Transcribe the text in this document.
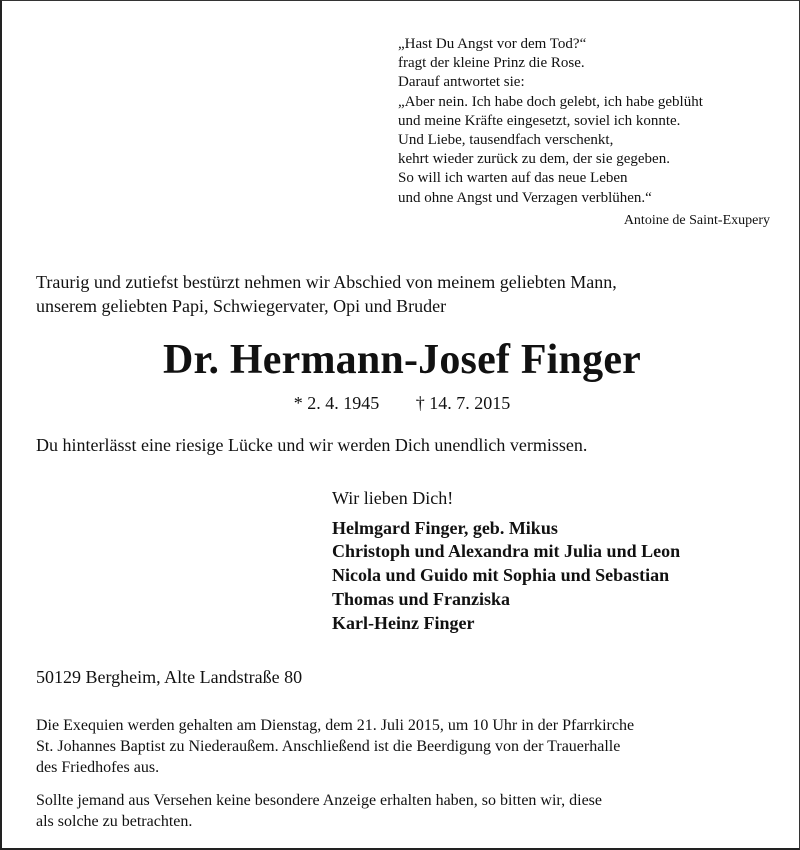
„Hast Du Angst vor dem Tod?“
fragt der kleine Prinz die Rose.
Darauf antwortet sie:
„Aber nein. Ich habe doch gelebt, ich habe geblüht
und meine Kräfte eingesetzt, soviel ich konnte.
Und Liebe, tausendfach verschenkt,
kehrt wieder zurück zu dem, der sie gegeben.
So will ich warten auf das neue Leben
und ohne Angst und Verzagen verblühen.“
Antoine de Saint-Exupery
Traurig und zutiefst bestürzt nehmen wir Abschied von meinem geliebten Mann,
unserem geliebten Papi, Schwiegervater, Opi und Bruder
Dr. Hermann-Josef Finger
* 2. 4. 1945 † 14. 7. 2015
Du hinterlässt eine riesige Lücke und wir werden Dich unendlich vermissen.
Wir lieben Dich!
Helmgard Finger, geb. Mikus
Christoph und Alexandra mit Julia und Leon
Nicola und Guido mit Sophia und Sebastian
Thomas und Franziska
Karl-Heinz Finger
50129 Bergheim, Alte Landstraße 80
Die Exequien werden gehalten am Dienstag, dem 21. Juli 2015, um 10 Uhr in der Pfarrkirche
St. Johannes Baptist zu Niederaußem. Anschließend ist die Beerdigung von der Trauerhalle
des Friedhofes aus.
Sollte jemand aus Versehen keine besondere Anzeige erhalten haben, so bitten wir, diese
als solche zu betrachten.
